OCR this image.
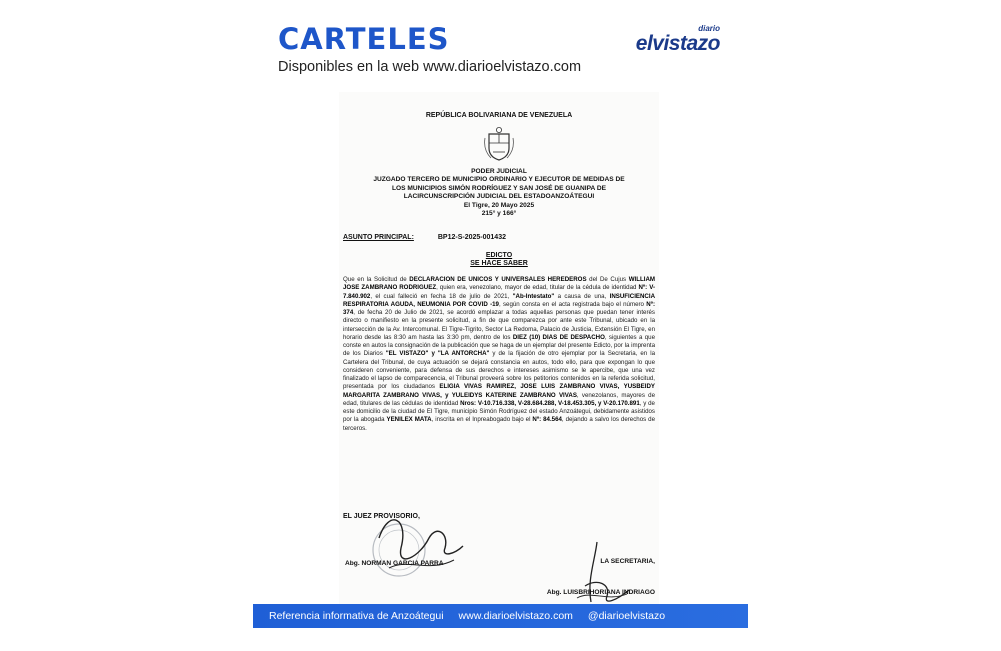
CARTELES
Disponibles en la web www.diarioelvistazo.com
diario
elvistazo
REPÚBLICA BOLIVARIANA DE VENEZUELA
PODER JUDICIAL
JUZGADO TERCERO DE MUNICIPIO ORDINARIO Y EJECUTOR DE MEDIDAS DE
LOS MUNICIPIOS SIMÓN RODRÍGUEZ Y SAN JOSÉ DE GUANIPA DE
LACIRCUNSCRIPCIÓN JUDICIAL DEL ESTADOANZOÁTEGUI
El Tigre, 20 Mayo 2025
215° y 166°
ASUNTO PRINCIPAL:	BP12-S-2025-001432
EDICTO
SE HACE SABER
Que en la Solicitud de DECLARACION DE UNICOS Y UNIVERSALES HEREDEROS del De Cujus WILLIAM JOSE ZAMBRANO RODRIGUEZ, quien era, venezolano, mayor de edad, titular de la cédula de identidad Nº: V-7.840.902, el cual falleció en fecha 18 de julio de 2021, "Ab-Intestato" a causa de una, INSUFICIENCIA RESPIRATORIA AGUDA, NEUMONIA POR COVID -19, según consta en el acta registrada bajo el número Nº: 374, de fecha 20 de Julio de 2021, se acordó emplazar a todas aquellas personas que puedan tener interés directo o manifiesto en la presente solicitud, a fin de que comparezca por ante este Tribunal, ubicado en la intersección de la Av. Intercomunal. El Tigre-Tigrito, Sector La Redoma, Palacio de Justicia, Extensión El Tigre, en horario desde las 8:30 am hasta las 3:30 pm, dentro de los DIEZ (10) DIAS DE DESPACHO, siguientes a que conste en autos la consignación de la publicación que se haga de un ejemplar del presente Edicto, por la imprenta de los Diarios "EL VISTAZO" y "LA ANTORCHA" y de la fijación de otro ejemplar por la Secretaria, en la Cartelera del Tribunal, de cuya actuación se dejará constancia en autos, todo ello, para que expongan lo que consideren conveniente, para defensa de sus derechos e intereses asimismo se le apercibe, que una vez finalizado el lapso de comparecencia, el Tribunal proveerá sobre los petitorios contenidos en la referida solicitud, presentada por los ciudadanos ELIGIA VIVAS RAMIREZ, JOSE LUIS ZAMBRANO VIVAS, YUSBEIDY MARGARITA ZAMBRANO VIVAS, y YULEIDYS KATERINE ZAMBRANO VIVAS, venezolanos, mayores de edad, titulares de las cédulas de identidad Nros: V-10.716.338, V-28.684.288, V-18.453.305, y V-20.170.891, y de este domicilio de la ciudad de El Tigre, municipio Simón Rodríguez del estado Anzoátegui, debidamente asistidos por la abogada YENILEX MATA, inscrita en el Inpreabogado bajo el Nº: 84.564, dejando a salvo los derechos de terceros.
EL JUEZ PROVISORIO,
Abg. NORMAN GARCIA PARRA	LA SECRETARIA,
Abg. LUISBRIHORIANA INDRIAGO
Referencia informativa de Anzoátegui www.diarioelvistazo.com @diarioelvistazo
